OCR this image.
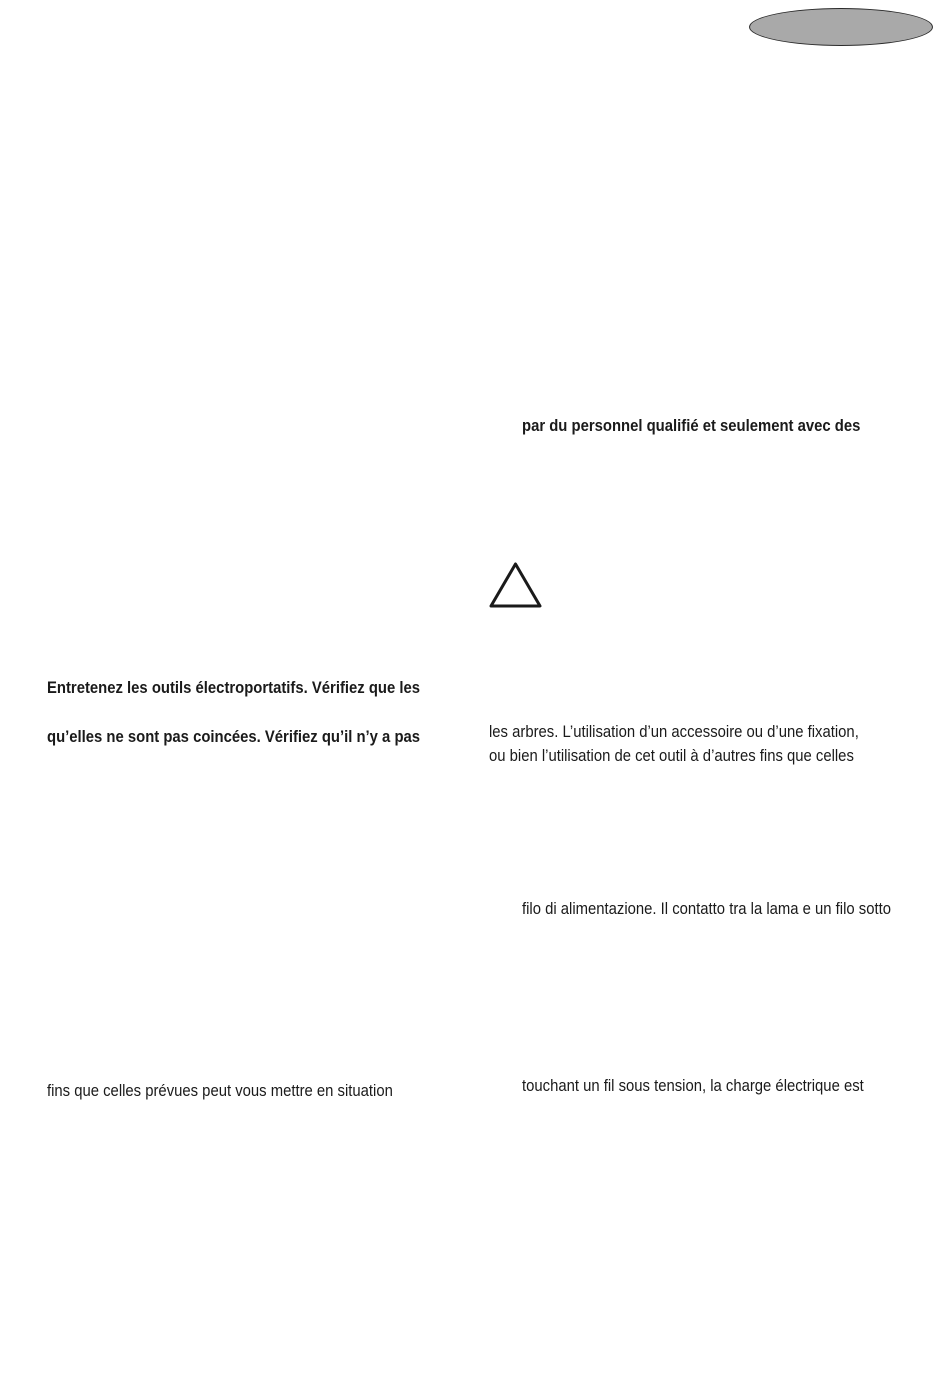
par du personnel qualifié et seulement avec des

Entretenez les outils électroportatifs. Vérifiez que les

qu’elles ne sont pas coincées. Vérifiez qu’il n’y a pas	les arbres. L’utilisation d’un accessoire ou d’une fixation,

ou bien l’utilisation de cet outil à d’autres fins que celles

filo di alimentazione. Il contatto tra la lama e un filo sotto

fins que celles prévues peut vous mettre en situation	touchant un fil sous tension, la charge électrique est
